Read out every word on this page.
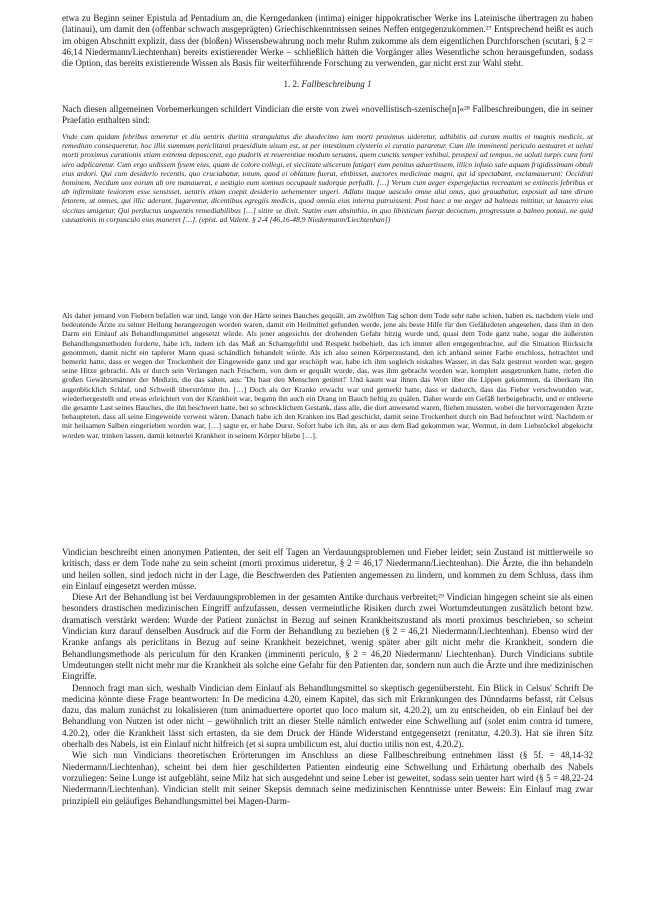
etwa zu Beginn seiner Epistula ad Pentadium an, die Kerngedanken (intima) einiger hippokratischer Werke ins Lateinische übertragen zu haben (latinaui), um damit den (offenbar schwach ausgeprägten) Griechischkenntnissen seines Neffen entgegenzukommen.²⁷ Entsprechend heißt es auch im obigen Abschnitt explizit, dass der (bloßen) Wissensbewahrung noch mehr Ruhm zukomme als dem eigentlichen Durchforschen (scutari, § 2 = 46,14 Niedermann/Liechtenhan) bereits existierender Werke – schließlich hätten die Vorgänger alles Wesentliche schon herausgefunden, sodass die Option, das bereits existierende Wissen als Basis für weiterführende Forschung zu verwenden, gar nicht erst zur Wahl steht.

1. 2. Fallbeschreibung 1

Nach diesen allgemeinen Vorbemerkungen schildert Vindician die erste von zwei »novellistisch-szenische[n]«²⁸ Fallbeschreibungen, die in seiner Praefatio enthalten sind:

Vnde cum quidam febribus teneretur et diu uentris duritia strangulatus die duodecimo iam morti proximus uideretur, adhibitis ad curam multis et magnis medicis, ut remedium consequeretur, hoc illis summum periclitanti praesidium uisum est, ut per intestinum clysterio ei curatio pararetur. Cum ille imminenti periculo aestuaret et ueluti morti proximus curationis etiam extrema deposceret, ego pudoris et reuerentiae modum seruans, quem cunctis semper exhibui, prospexi ad tempus, ne uoluti turpis cura forti uiro adplicaretur. Cum ergo uidissem fysem eius, quam de colore collegi, et sicciitate uiscerum fatigari eum penitus aduertissem, illico infuso sale aquam frigidissimam obtuli eius ardori. Qui cum desiderio recentis, quo cruciabatur, totum, quod ei oblatum fuerat, ebibisset, auctores medicinae magni, qui id spectabant, exclamauerunt: Occidisti hominem. Necdum uox eorum ab ore manauerat, e uestigio eum somnus occupauit sudorque perfudit. […] Verum cum aeger expergefactus recreatum se extinctis febribus et ab infirmitate leuiorem esse sensisset, uentris etiam coepit desiderio uehementer urgeri. Adlato itaque uasculo omne alui onus, quo grauabatur, exposuit ad tam dirum fetorem, ut omnes, qui illic aderant, fugarentur, dicentibus egregiis medicis, quod omnia eius interna putruissent. Post haec a me aeger ad balneas mittitur, ut lauacro eius siccitas umigetur. Qui perductus unguentis remediabilibus […] sitire se dixit. Statim eum absinthio, in quo libisticum fuerat decoctum, progressum a balneo potaui, ne quid causationis in corpusculo eius maneret […]. (epist. ad Valent. § 2-4 [46,16-48,9 Niedermann/Liechtenhan])

Als daher jemand von Fiebern befallen war und, lange von der Härte seines Bauches gequält, am zwölften Tag schon dem Tode sehr nahe schien, haben es, nachdem viele und bedeutende Ärzte zu seiner Heilung herangezogen worden waren, damit ein Heilmittel gefunden werde, jene als beste Hilfe für den Gefährdeten angesehen, dass ihm in den Darm ein Einlauf als Behandlungsmittel angesetzt würde. Als jener angesichts der drohenden Gefahr hitzig wurde und, quasi dem Tode ganz nahe, sogar die äußersten Behandlungsmethoden forderte, habe ich, indem ich das Maß an Schamgefühl und Respekt beibehielt, das ich immer allen entgegenbrachte, auf die Situation Rücksicht genommen, damit nicht ein tapferer Mann quasi schändlich behandelt würde. Als ich also seinen Körperzustand, den ich anhand seiner Farbe erschloss, betrachtet und bemerkt hatte, dass er wegen der Trockenheit der Eingeweide ganz und gar erschöpft war, habe ich ihm sogleich eiskaltes Wasser, in das Salz gestreut worden war, gegen seine Hitze gebracht. Als er durch sein Verlangen nach Frischem, von dem er gequält wurde, das, was ihm gebracht worden war, komplett ausgetrunken hatte, riefen die großen Gewährsmänner der Medizin, die das sahen, aus: 'Du hast den Menschen getötet!' Und kaum war ihnen das Wort über die Lippen gekommen, da überkam ihn augenblicklich Schlaf, und Schweiß überströmte ihn. […] Doch als der Kranke erwacht war und gemerkt hatte, dass er dadurch, dass das Fieber verschwunden war, wiederhergestellt und etwas erleichtert von der Krankheit war, begann ihn auch ein Drang im Bauch heftig zu quälen. Daher wurde ein Gefäß herbeigebracht, und er entleerte die gesamte Last seines Bauches, die ihn beschwert hatte, bei so schrecklichem Gestank, dass alle, die dort anwesend waren, fliehen mussten, wobei die hervorragenden Ärzte behaupteten, dass all seine Eingeweide verwest wären. Danach habe ich den Kranken ins Bad geschickt, damit seine Trockenheit durch ein Bad befeuchtet wird. Nachdem er mit heilsamen Salben eingerieben worden war, […] sagte er, er habe Durst. Sofort habe ich ihn, als er aus dem Bad gekommen war, Wermut, in dem Liebstöckel abgekocht worden war, trinken lassen, damit keinerlei Krankheit in seinem Körper bliebe […].

Vindician beschreibt einen anonymen Patienten, der seit elf Tagen an Verdauungsproblemen und Fieber leidet; sein Zustand ist mittlerweile so kritisch, dass er dem Tode nahe zu sein scheint (morti proximus uideretur, § 2 = 46,17 Niedermann/Liechtenhan). Die Ärzte, die ihn behandeln und heilen sollen, sind jedoch nicht in der Lage, die Beschwerden des Patienten angemessen zu lindern, und kommen zu dem Schluss, dass ihm ein Einlauf eingesetzt werden müsse.

Diese Art der Behandlung ist bei Verdauungsproblemen in der gesamten Antike durchaus verbreitet;²⁹ Vindician hingegen scheint sie als einen besonders drastischen medizinischen Eingriff aufzufassen, dessen vermeintliche Risiken durch zwei Wortumdeutungen zusätzlich betont bzw. dramatisch verstärkt werden: Wurde der Patient zunächst in Bezug auf seinen Krankheitszustand als morti proximus beschrieben, so scheint Vindician kurz darauf denselben Ausdruck auf die Form der Behandlung zu beziehen (§ 2 = 46,21 Niedermann/Liechtenhan). Ebenso wird der Kranke anfangs als periclitans in Bezug auf seine Krankheit bezeichnet, wenig später aber gilt nicht mehr die Krankheit, sondern die Behandlungsmethode als periculum für den Kranken (imminenti periculo, § 2 = 46,20 Niedermann/ Liechtenhan). Durch Vindicians subtile Umdeutungen stellt nicht mehr nur die Krankheit als solche eine Gefahr für den Patienten dar, sondern nun auch die Ärzte und ihre medizinischen Eingriffe.

Dennoch fragt man sich, weshalb Vindician dem Einlauf als Behandlungsmittel so skeptisch gegenübersteht. Ein Blick in Celsus' Schrift De medicina könnte diese Frage beantworten: In De medicina 4.20, einem Kapitel, das sich mit Erkrankungen des Dünndarms befasst, rät Celsus dazu, das malum zunächst zu lokalisieren (tum animaduertere oportet quo loco malum sit, 4.20.2), um zu entscheiden, ob ein Einlauf bei der Behandlung von Nutzen ist oder nicht – gewöhnlich tritt an dieser Stelle nämlich entweder eine Schwellung auf (solet enim contra id tumere, 4.20.2), oder die Krankheit lässt sich ertasten, da sie dem Druck der Hände Widerstand entgegensetzt (renitatur, 4.20.3). Hat sie ihren Sitz oberhalb des Nabels, ist ein Einlauf nicht hilfreich (et si supra umbilicum est, alui ductio utilis non est, 4.20.2).

Wie sich nun Vindicians theoretischen Erörterungen im Anschluss an diese Fallbeschreibung entnehmen lässt (§ 5f. = 48,14-32 Niedermann/Liechtenhan), scheint bei dem hier geschilderten Patienten eindeutig eine Schwellung und Erhärtung oberhalb des Nabels vorzuliegen: Seine Lunge ist aufgebläht, seine Milz hat sich ausgedehnt und seine Leber ist geweitet, sodass sein uenter hart wird (§ 5 = 48,22-24 Niedermann/Liechtenhan). Vindician stellt mit seiner Skepsis demnach seine medizinischen Kenntnisse unter Beweis: Ein Einlauf mag zwar prinzipiell ein geläufiges Behandlungsmittel bei Magen-Darm-
